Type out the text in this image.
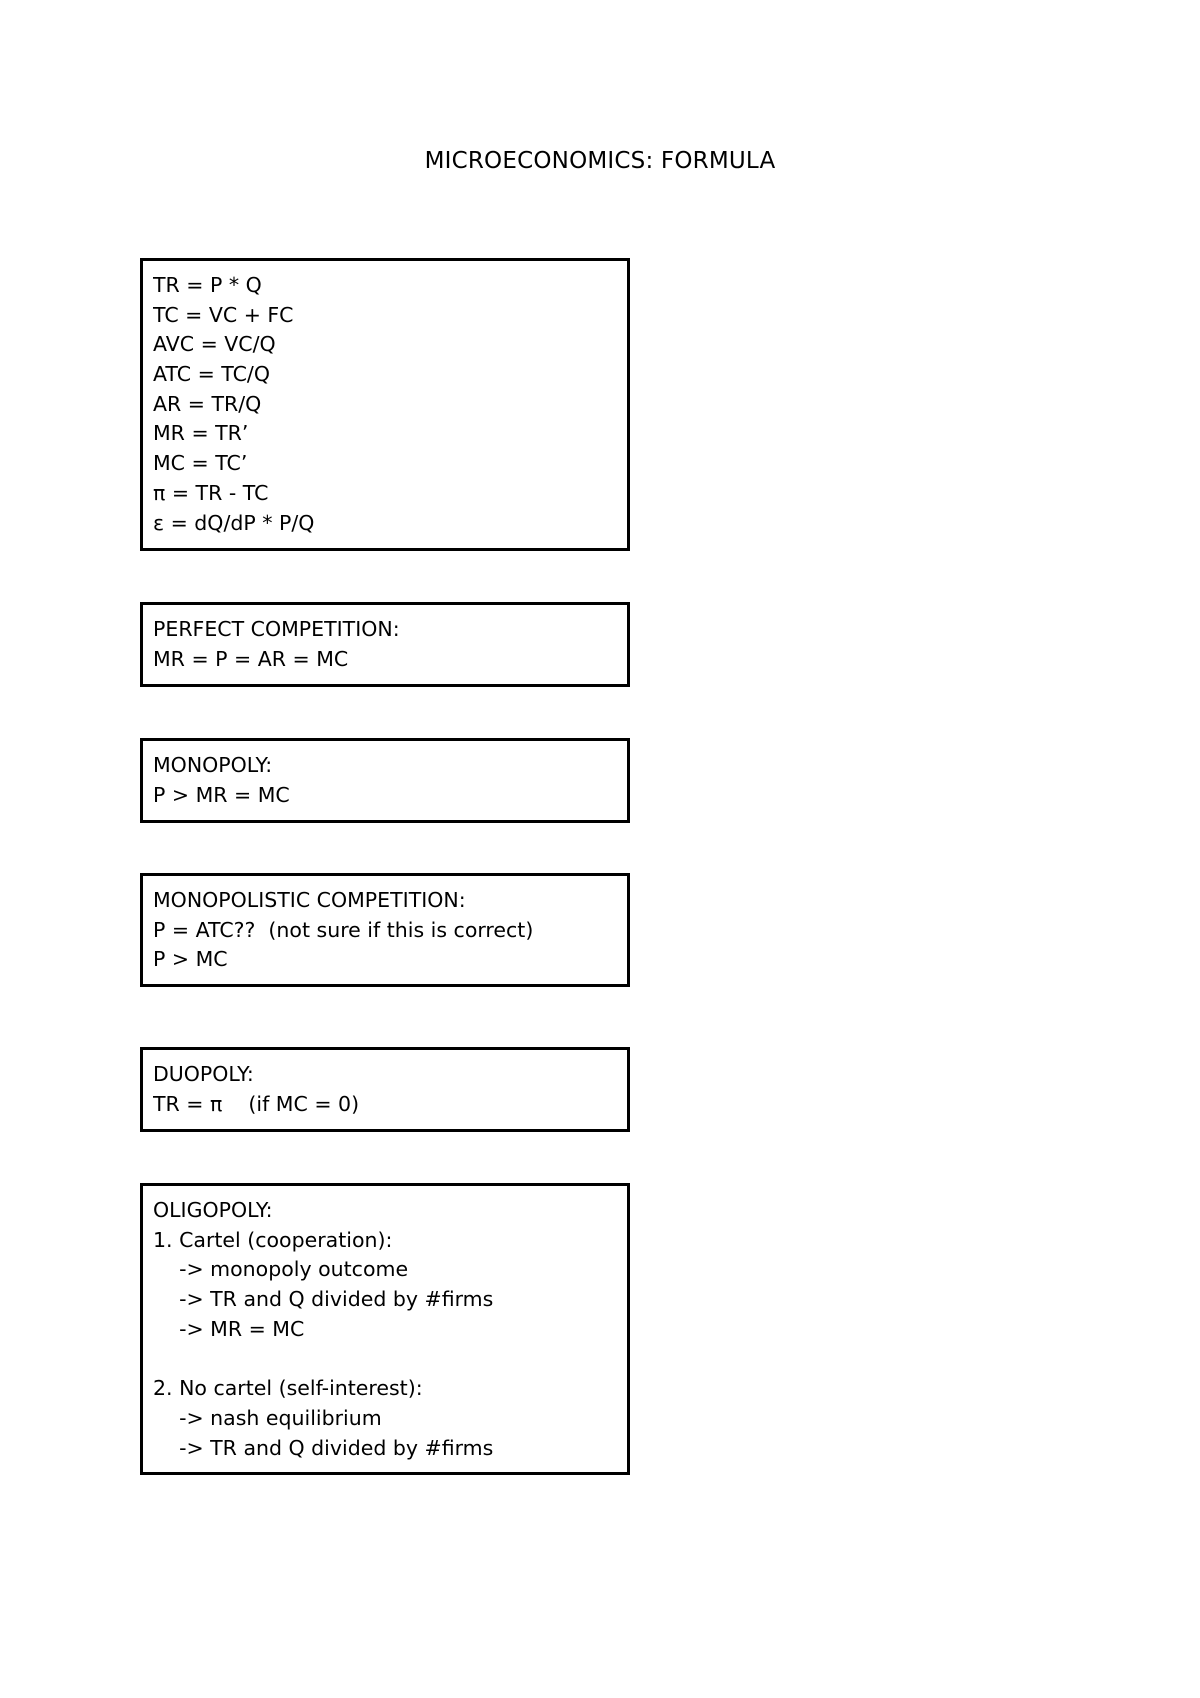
MICROECONOMICS: FORMULA
TR = P * Q
TC = VC + FC
AVC = VC/Q
ATC = TC/Q
AR = TR/Q
MR = TR’
MC = TC’
π = TR - TC
ε = dQ/dP * P/Q
PERFECT COMPETITION:
MR = P = AR = MC
MONOPOLY:
P > MR = MC
MONOPOLISTIC COMPETITION:
P = ATC??  (not sure if this is correct)
P > MC
DUOPOLY:
TR = π    (if MC = 0)
OLIGOPOLY:
1. Cartel (cooperation):
-> monopoly outcome
-> TR and Q divided by #firms
-> MR = MC
2. No cartel (self-interest):
-> nash equilibrium
-> TR and Q divided by #firms
